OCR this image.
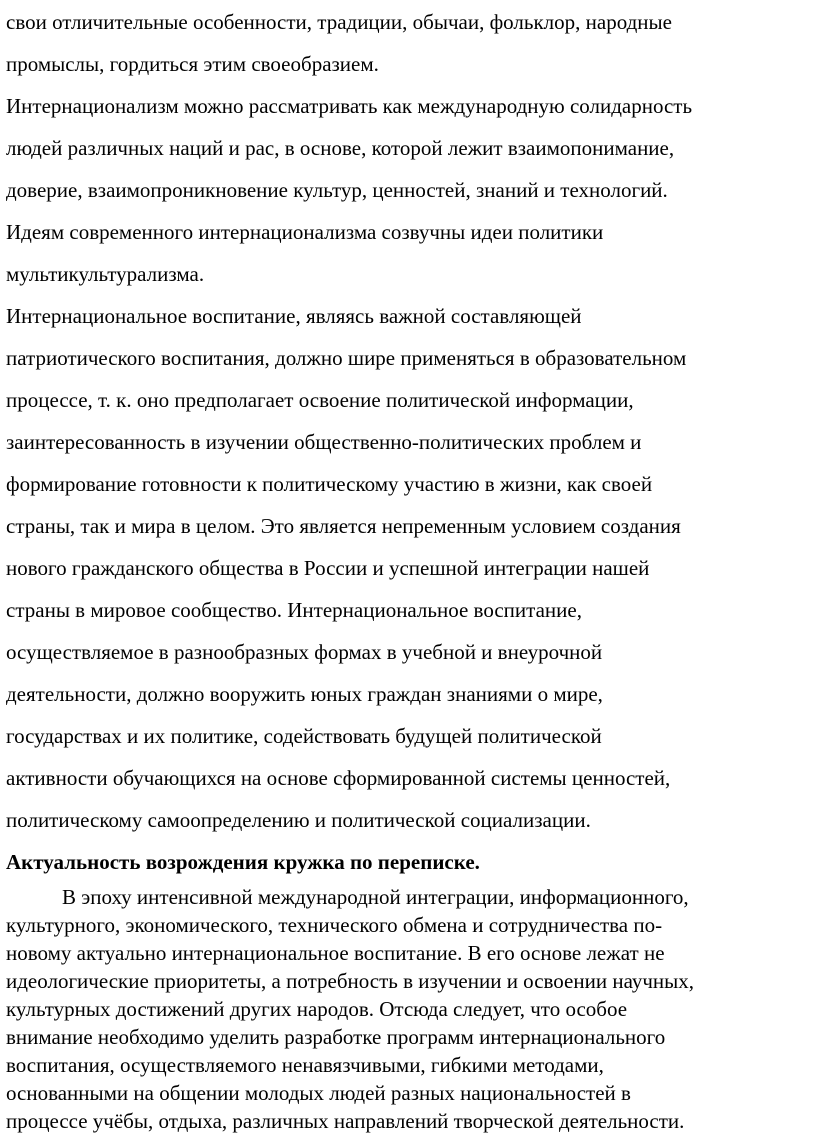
свои отличительные особенности, традиции, обычаи, фольклор, народные
промыслы, гордиться этим своеобразием.
Интернационализм можно рассматривать как международную солидарность
людей различных наций и рас, в основе, которой лежит взаимопонимание,
доверие, взаимопроникновение культур, ценностей, знаний и технологий.
Идеям современного интернационализма созвучны идеи политики
мультикультурализма.
Интернациональное воспитание, являясь важной составляющей
патриотического воспитания, должно шире применяться в образовательном
процессе, т. к. оно предполагает освоение политической информации,
заинтересованность в изучении общественно-политических проблем и
формирование готовности к политическому участию в жизни, как своей
страны, так и мира в целом. Это является непременным условием создания
нового гражданского общества в России и успешной интеграции нашей
страны в мировое сообщество. Интернациональное воспитание,
осуществляемое в разнообразных формах в учебной и внеурочной
деятельности, должно вооружить юных граждан знаниями о мире,
государствах и их политике, содействовать будущей политической
активности обучающихся на основе сформированной системы ценностей,
политическому самоопределению и политической социализации.
Актуальность возрождения кружка по переписке.
В эпоху интенсивной международной интеграции, информационного,
культурного, экономического, технического обмена и сотрудничества по-
новому актуально интернациональное воспитание. В его основе лежат не
идеологические приоритеты, а потребность в изучении и освоении научных,
культурных достижений других народов. Отсюда следует, что особое
внимание необходимо уделить разработке программ интернационального
воспитания, осуществляемого ненавязчивыми, гибкими методами,
основанными на общении молодых людей разных национальностей в
процессе учёбы, отдыха, различных направлений творческой деятельности.
